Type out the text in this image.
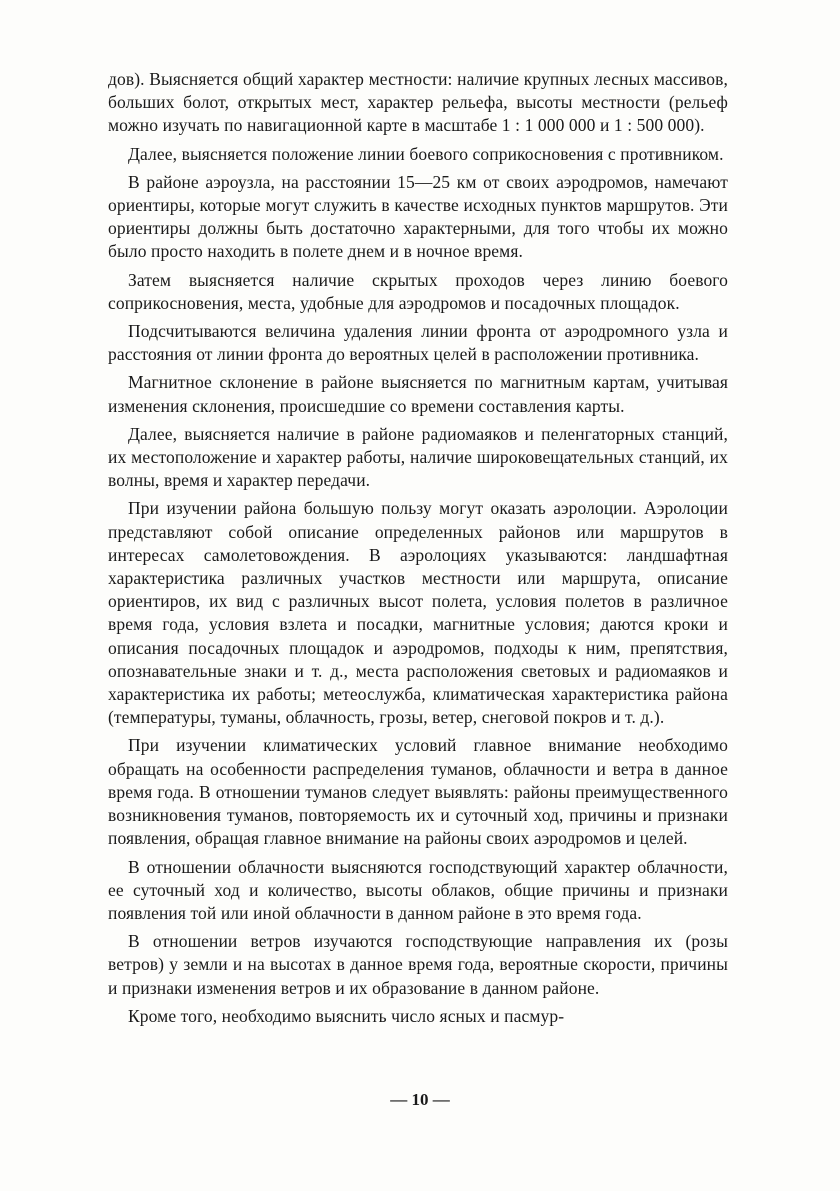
дов). Выясняется общий характер местности: наличие крупных лесных массивов, больших болот, открытых мест, характер рельефа, высоты местности (рельеф можно изучать по навигационной карте в масштабе 1 : 1 000 000 и 1 : 500 000).

Далее, выясняется положение линии боевого соприкосновения с противником.

В районе аэроузла, на расстоянии 15—25 км от своих аэродромов, намечают ориентиры, которые могут служить в качестве исходных пунктов маршрутов. Эти ориентиры должны быть достаточно характерными, для того чтобы их можно было просто находить в полете днем и в ночное время.

Затем выясняется наличие скрытых проходов через линию боевого соприкосновения, места, удобные для аэродромов и посадочных площадок.

Подсчитываются величина удаления линии фронта от аэродромного узла и расстояния от линии фронта до вероятных целей в расположении противника.

Магнитное склонение в районе выясняется по магнитным картам, учитывая изменения склонения, происшедшие со времени составления карты.

Далее, выясняется наличие в районе радиомаяков и пеленгаторных станций, их местоположение и характер работы, наличие широковещательных станций, их волны, время и характер передачи.

При изучении района большую пользу могут оказать аэролоции. Аэролоции представляют собой описание определенных районов или маршрутов в интересах самолетовождения. В аэролоциях указываются: ландшафтная характеристика различных участков местности или маршрута, описание ориентиров, их вид с различных высот полета, условия полетов в различное время года, условия взлета и посадки, магнитные условия; даются кроки и описания посадочных площадок и аэродромов, подходы к ним, препятствия, опознавательные знаки и т. д., места расположения световых и радиомаяков и характеристика их работы; метеослужба, климатическая характеристика района (температуры, туманы, облачность, грозы, ветер, снеговой покров и т. д.).

При изучении климатических условий главное внимание необходимо обращать на особенности распределения туманов, облачности и ветра в данное время года. В отношении туманов следует выявлять: районы преимущественного возникновения туманов, повторяемость их и суточный ход, причины и признаки появления, обращая главное внимание на районы своих аэродромов и целей.

В отношении облачности выясняются господствующий характер облачности, ее суточный ход и количество, высоты облаков, общие причины и признаки появления той или иной облачности в данном районе в это время года.

В отношении ветров изучаются господствующие направления их (розы ветров) у земли и на высотах в данное время года, вероятные скорости, причины и признаки изменения ветров и их образование в данном районе.

Кроме того, необходимо выяснить число ясных и пасмур-

— 10 —
